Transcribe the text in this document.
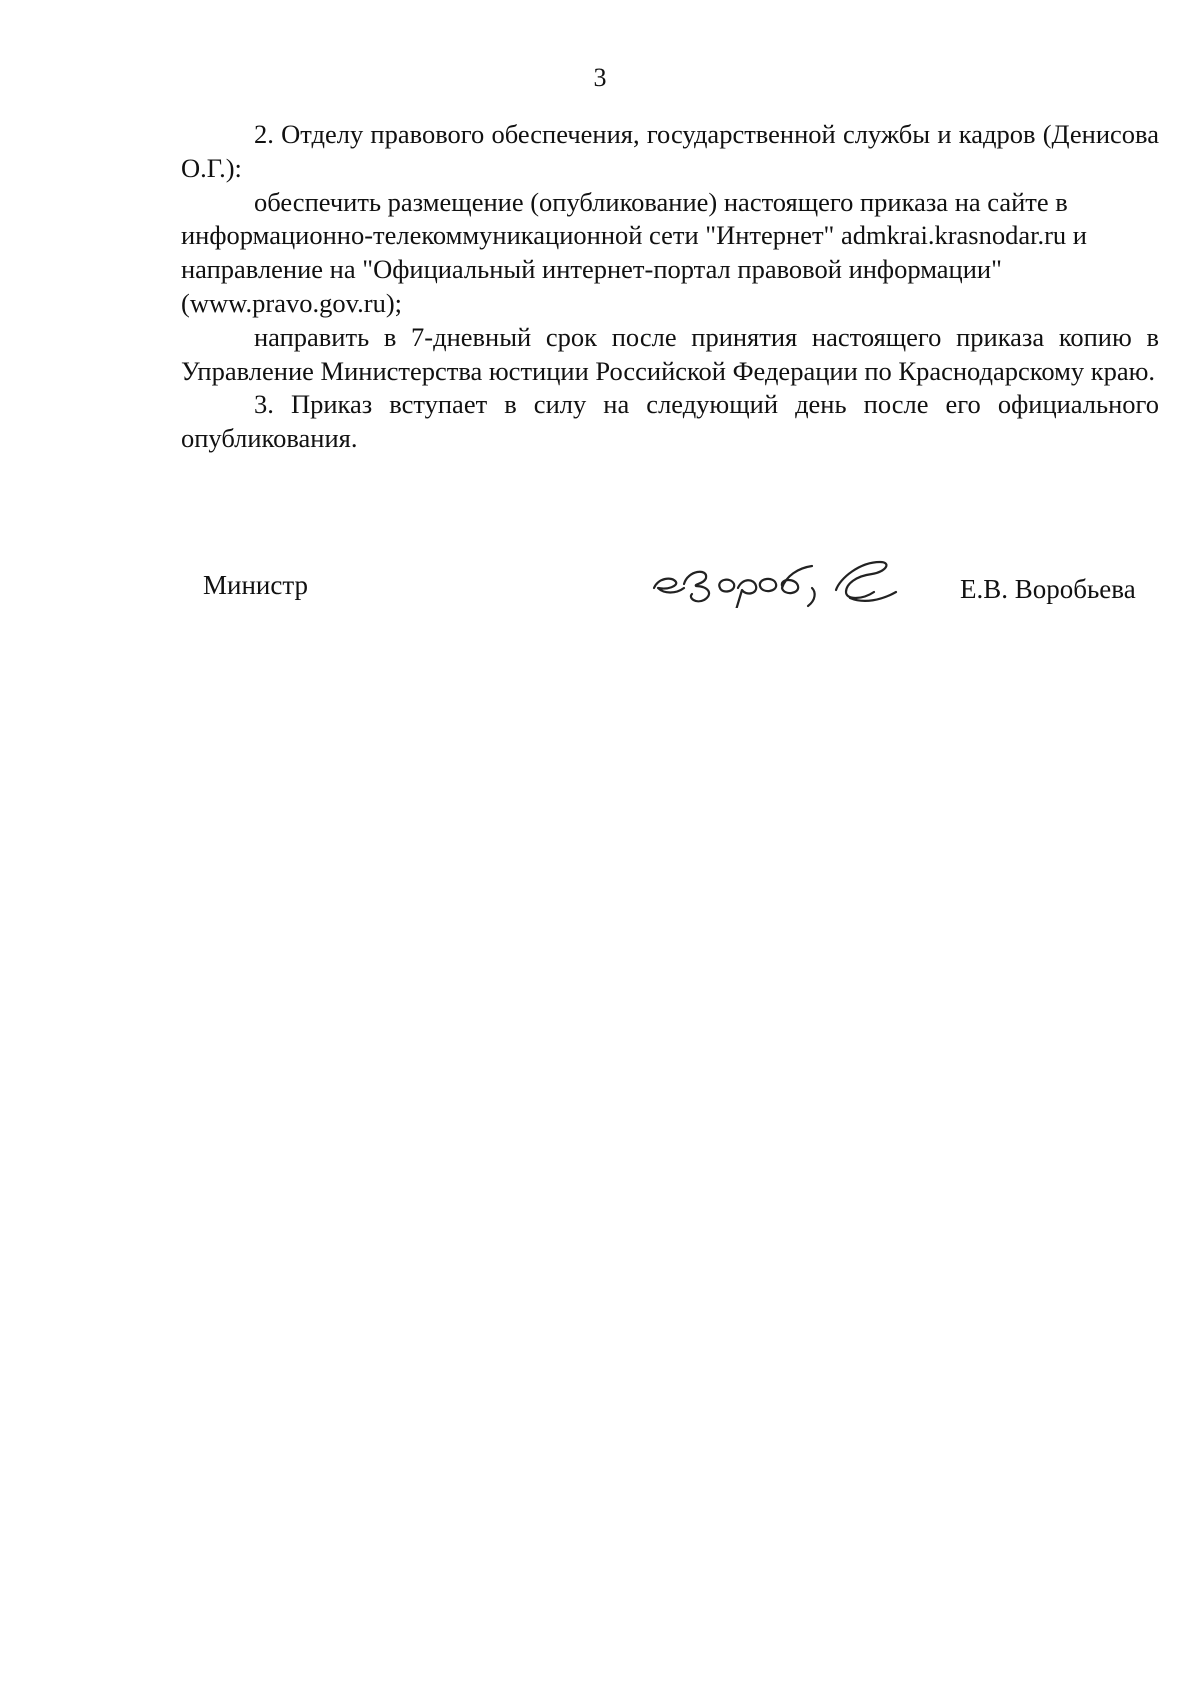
3

2. Отделу правового обеспечения, государственной службы и кадров (Денисова О.Г.):

обеспечить размещение (опубликование) настоящего приказа на сайте в информационно-телекоммуникационной сети "Интернет" admkrai.krasnodar.ru и направление на "Официальный интернет-портал правовой информации" (www.pravo.gov.ru);

направить в 7-дневный срок после принятия настоящего приказа копию в Управление Министерства юстиции Российской Федерации по Краснодарскому краю.

3. Приказ вступает в силу на следующий день после его официального опубликования.

Министр	Е.В. Воробьева
